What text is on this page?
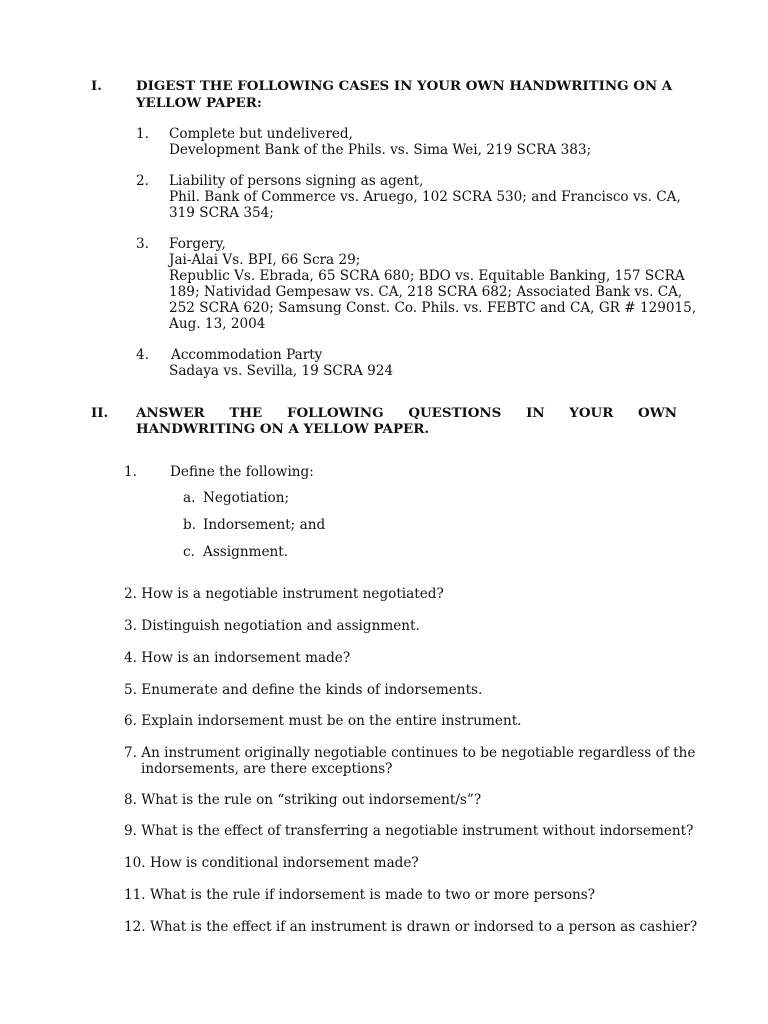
I.	DIGEST THE FOLLOWING CASES IN YOUR OWN HANDWRITING ON A
YELLOW PAPER:
1. Complete but undelivered,
Development Bank of the Phils. vs. Sima Wei, 219 SCRA 383;
2. Liability of persons signing as agent,
Phil. Bank of Commerce vs. Aruego, 102 SCRA 530; and Francisco vs. CA,
319 SCRA 354;
3. Forgery,
Jai-Alai Vs. BPI, 66 Scra 29;
Republic Vs. Ebrada, 65 SCRA 680; BDO vs. Equitable Banking, 157 SCRA
189; Natividad Gempesaw vs. CA, 218 SCRA 682; Associated Bank vs. CA,
252 SCRA 620; Samsung Const. Co. Phils. vs. FEBTC and CA, GR # 129015,
Aug. 13, 2004
4. Accommodation Party
Sadaya vs. Sevilla, 19 SCRA 924
II. ANSWER THE FOLLOWING QUESTIONS IN YOUR OWN
HANDWRITING ON A YELLOW PAPER.
1. Define the following:
a. Negotiation;
b. Indorsement; and
c. Assignment.
2. How is a negotiable instrument negotiated?
3. Distinguish negotiation and assignment.
4. How is an indorsement made?
5. Enumerate and define the kinds of indorsements.
6. Explain indorsement must be on the entire instrument.
7. An instrument originally negotiable continues to be negotiable regardless of the
indorsements, are there exceptions?
8. What is the rule on “striking out indorsement/s”?
9. What is the effect of transferring a negotiable instrument without indorsement?
10. How is conditional indorsement made?
11. What is the rule if indorsement is made to two or more persons?
12. What is the effect if an instrument is drawn or indorsed to a person as cashier?
